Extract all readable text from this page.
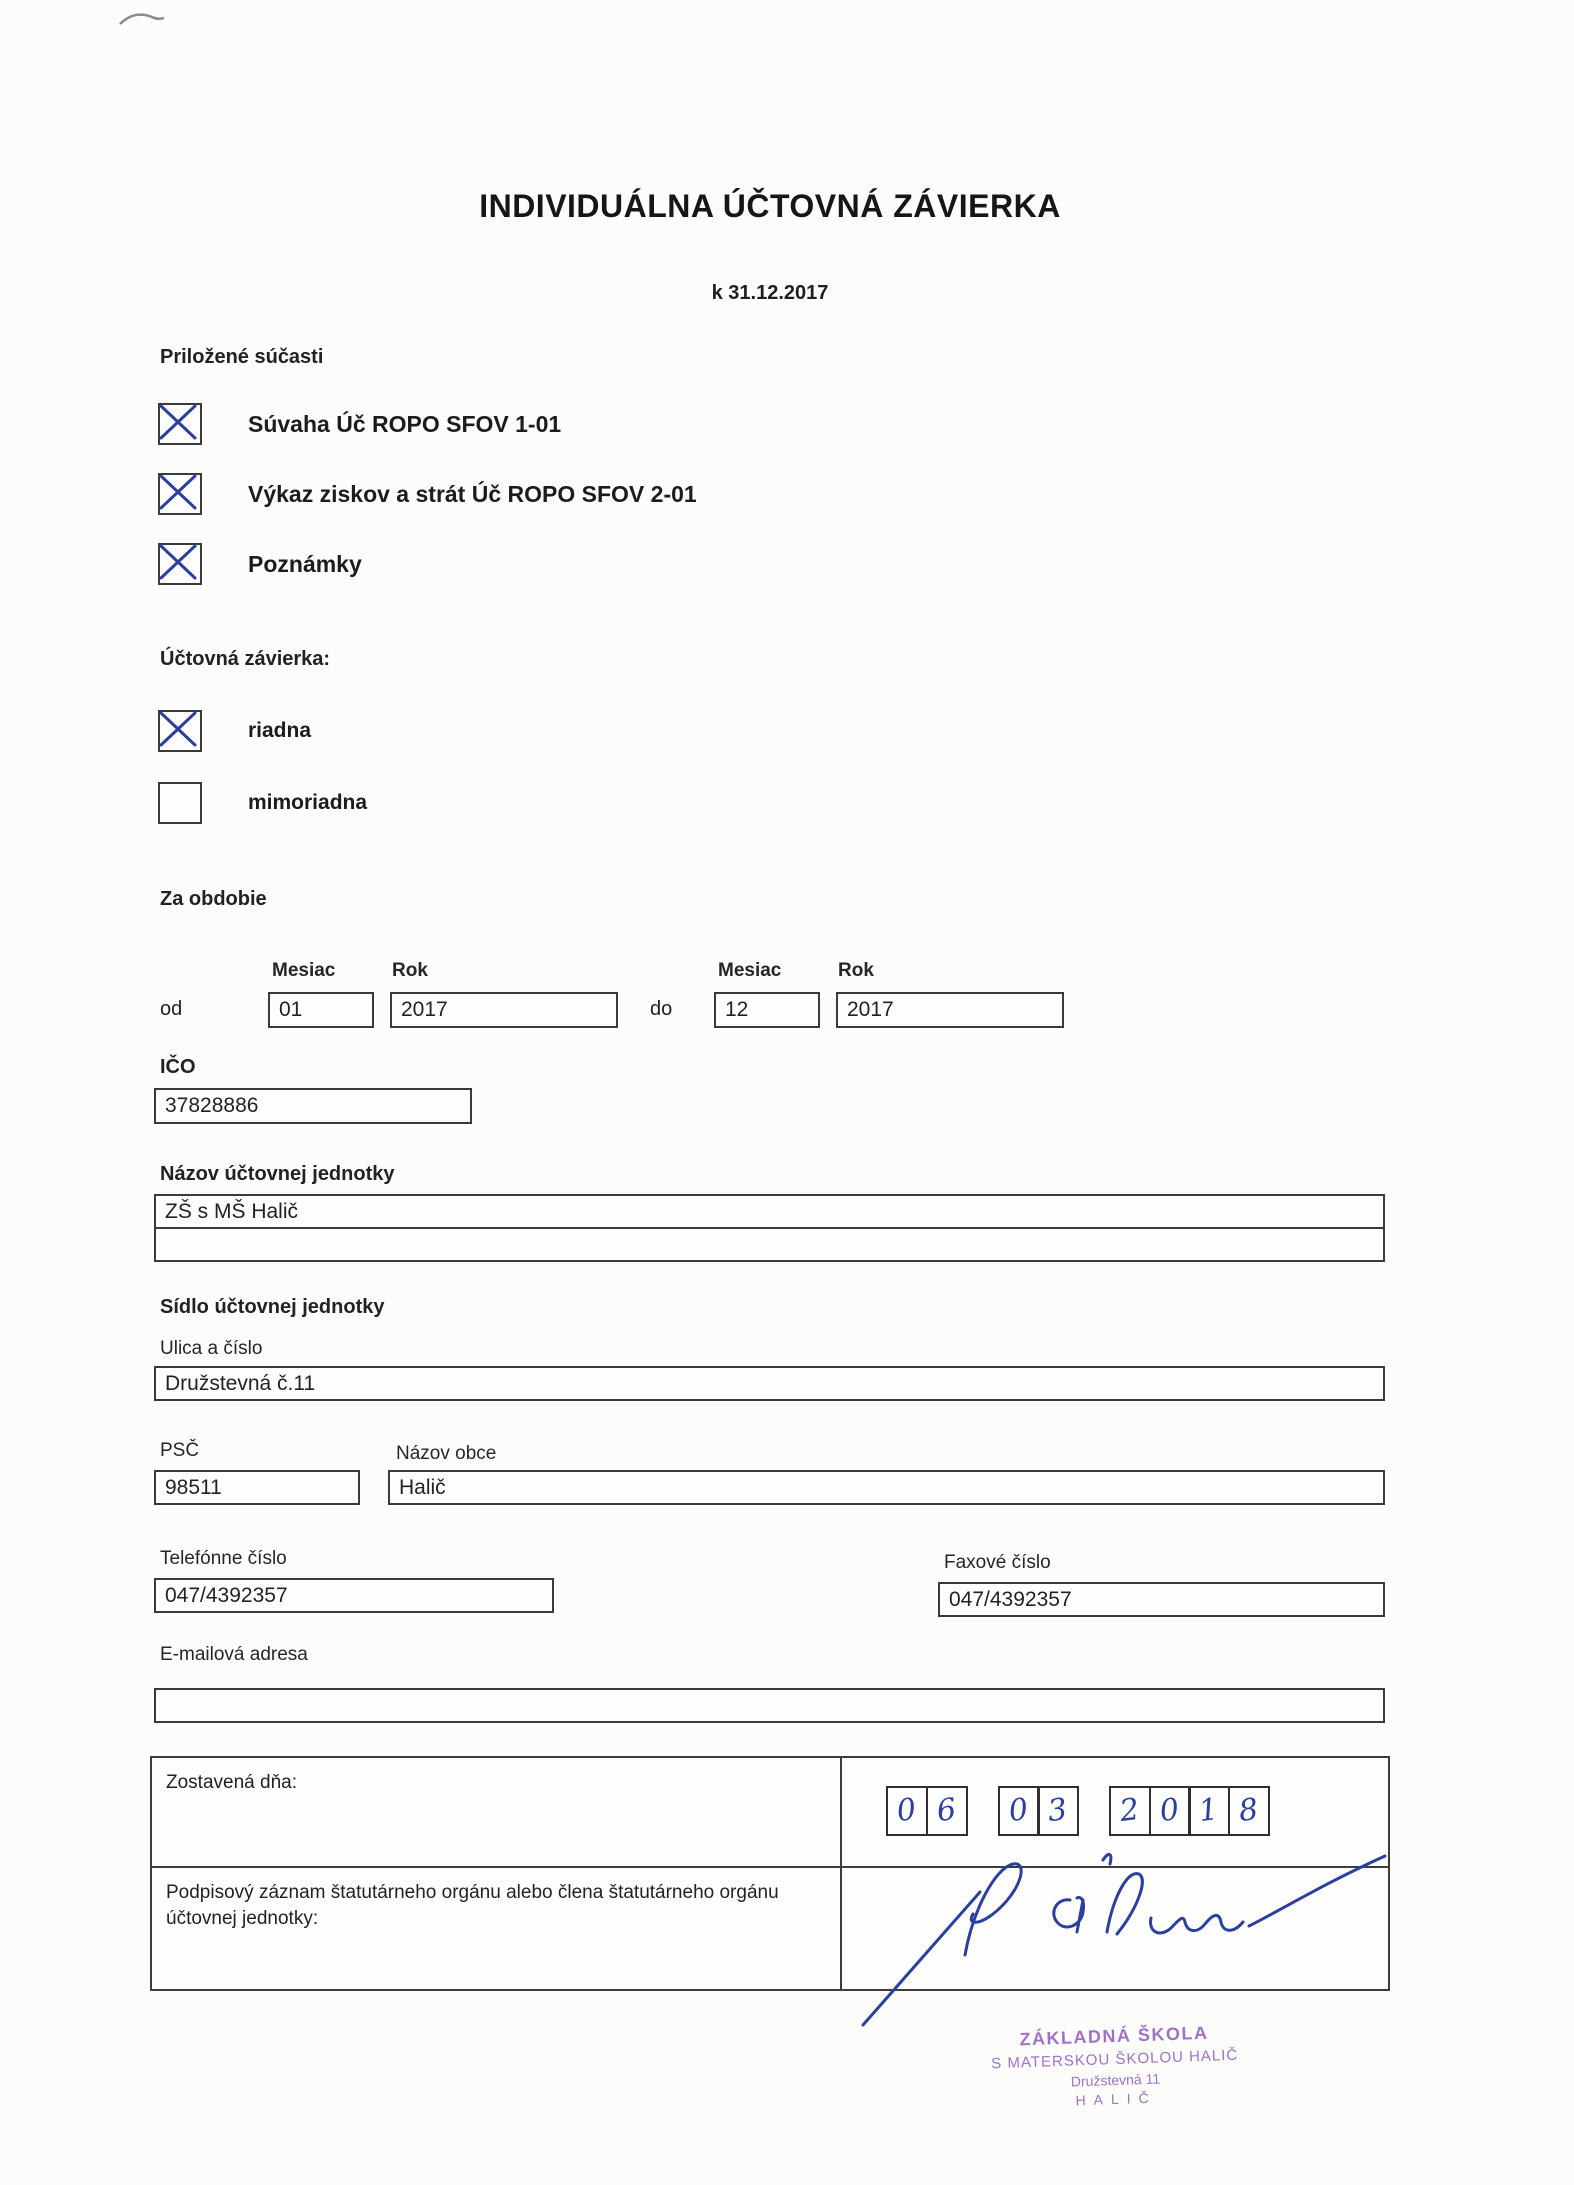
INDIVIDUÁLNA ÚČTOVNÁ ZÁVIERKA
k 31.12.2017
Priložené súčasti
Súvaha Úč ROPO SFOV 1-01
Výkaz ziskov a strát Úč ROPO SFOV 2-01
Poznámky
Účtovná závierka:
riadna
mimoriadna
Za obdobie
Mesiac	Rok
od	01	2017
Mesiac	Rok
do	12	2017
IČO
37828886
Názov účtovnej jednotky
ZŠ s MŠ Halič
Sídlo účtovnej jednotky
Ulica a číslo
Družstevná č.11
PSČ	Názov obce
98511	Halič
Telefónne číslo	Faxové číslo
047/4392357	047/4392357
E-mailová adresa
Zostavená dňa:
0 6 0 3 2 0 1 8
Podpisový záznam štatutárneho orgánu alebo člena štatutárneho orgánu účtovnej jednotky:
ZÁKLADNÁ ŠKOLA
S MATERSKOU ŠKOLOU HALIČ
Družstevná 11
HALIČ
